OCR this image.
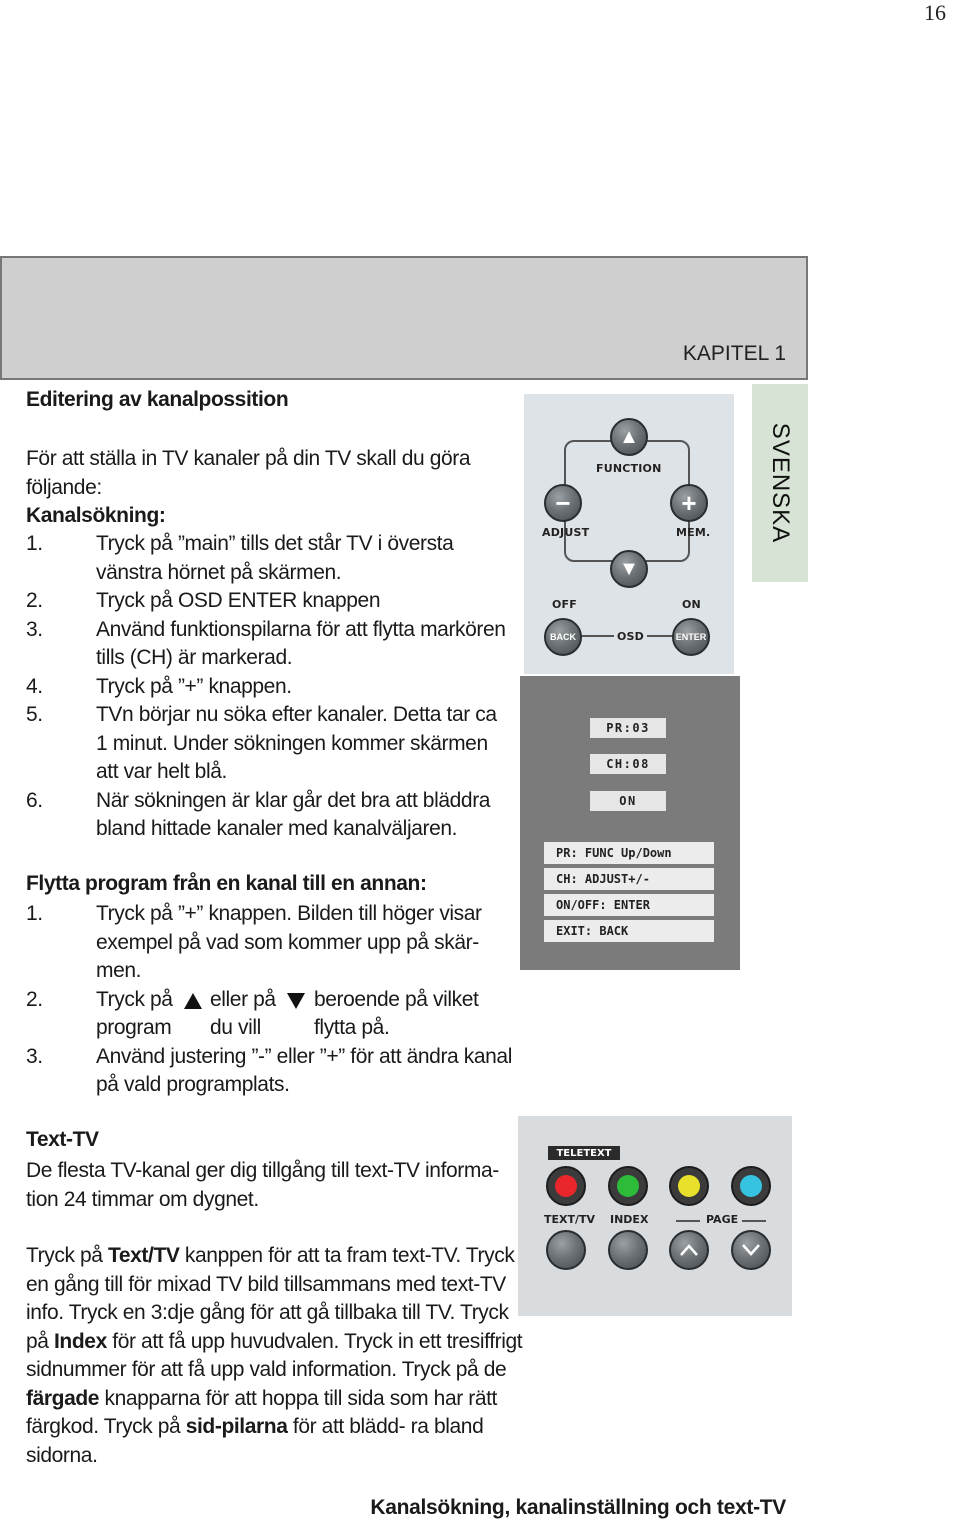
16
KAPITEL 1
SVENSKA
Editering av kanalpossition
För att ställa in TV kanaler på din TV skall du göra följande:
Kanalsökning:
1.	Tryck på ”main” tills det står TV i översta vänstra hörnet på skärmen.
2.	Tryck på OSD ENTER knappen
3.	Använd funktionspilarna för att flytta markören tills (CH) är markerad.
4.	Tryck på ”+” knappen.
5.	TVn börjar nu söka efter kanaler. Detta tar ca 1 minut. Under sökningen kommer skärmen att var helt blå.
6.	När sökningen är klar går det bra att bläddra bland hittade kanaler med kanalväljaren.
Flytta program från en kanal till en annan:
1.	Tryck på ”+” knappen. Bilden till höger visar exempel på vad som kommer upp på skär- men.
2.	Tryck på eller på beroende på vilket
program du vill	flytta på.
3.	Använd justering ”-” eller ”+” för att ändra kanal på vald programplats.
Text-TV
De flesta TV-kanal ger dig tillgång till text-TV informa- tion 24 timmar om dygnet.
Tryck på Text/TV kanppen för att ta fram text-TV. Tryck en gång till för mixad TV bild tillsammans med text-TV info. Tryck en 3:dje gång för att gå tillbaka till TV. Tryck på Index för att få upp huvudvalen. Tryck in ett tresiffrigt sidnummer för att få upp vald information. Tryck på de färgade knapparna för att hoppa till sida som har rätt färgkod. Tryck på sid-pilarna för att blädd- ra bland sidorna.
▲
FUNCTION
−
ADJUST
+
MEM.
▼
OFF	ON
BACK	OSD	ENTER
PR:03
CH:08
ON
PR: FUNC Up/Down
CH: ADJUST+/-
ON/OFF: ENTER
EXIT: BACK
TELETEXT
TEXT/TV INDEX	PAGE
Kanalsökning, kanalinställning och text-TV
